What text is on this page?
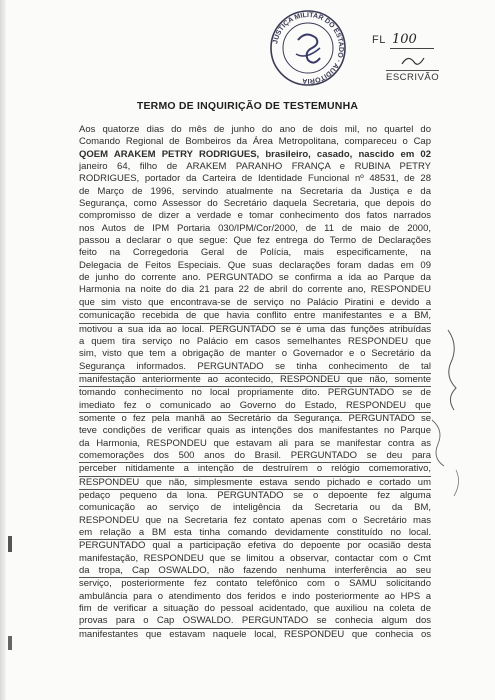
JUSTIÇA MILITAR DO ESTADO · AUDITORIA
FL 100
ESCRIVÃO
TERMO DE INQUIRIÇÃO DE TESTEMUNHA
Aos quatorze dias do mês de junho do ano de dois mil, no quartel do
Comando Regional de Bombeiros da Área Metropolitana, compareceu o Cap
QOEM ARAKEM PETRY RODRIGUES, brasileiro, casado, nascido em 02
janeiro 64, filho de ARAKEM PARANHO FRANÇA e RUBINA PETRY
RODRIGUES, portador da Carteira de Identidade Funcional nº 48531, de 28
de Março de 1996, servindo atualmente na Secretaria da Justiça e da
Segurança, como Assessor do Secretário daquela Secretaria, que depois do
compromisso de dizer a verdade e tomar conhecimento dos fatos narrados
nos Autos de IPM Portaria 030/IPM/Cor/2000, de 11 de maio de 2000,
passou a declarar o que segue: Que fez entrega do Termo de Declarações
feito na Corregedoria Geral de Polícia, mais especificamente, na
Delegacia de Feitos Especiais. Que suas declarações foram dadas em 09
de junho do corrente ano. PERGUNTADO se confirma a ida ao Parque da
Harmonia na noite do dia 21 para 22 de abril do corrente ano, RESPONDEU
que sim visto que encontrava-se de serviço no Palácio Piratini e devido a
comunicação recebida de que havia conflito entre manifestantes e a BM,
motivou a sua ida ao local. PERGUNTADO se é uma das funções atribuídas
a quem tira serviço no Palácio em casos semelhantes RESPONDEU que
sim, visto que tem a obrigação de manter o Governador e o Secretário da
Segurança informados. PERGUNTADO se tinha conhecimento de tal
manifestação anteriormente ao acontecido, RESPONDEU que não, somente
tomando conhecimento no local propriamente dito. PERGUNTADO se de
imediato fez o comunicado ao Governo do Estado, RESPONDEU que
somente o fez pela manhã ao Secretário da Segurança. PERGUNTADO se
teve condições de verificar quais as intenções dos manifestantes no Parque
da Harmonia, RESPONDEU que estavam ali para se manifestar contra as
comemorações dos 500 anos do Brasil. PERGUNTADO se deu para
perceber nitidamente a intenção de destruírem o relógio comemorativo,
RESPONDEU que não, simplesmente estava sendo pichado e cortado um
pedaço pequeno da lona. PERGUNTADO se o depoente fez alguma
comunicação ao serviço de inteligência da Secretaria ou da BM,
RESPONDEU que na Secretaria fez contato apenas com o Secretário mas
em relação a BM esta tinha comando devidamente constituído no local.
PERGUNTADO qual a participação efetiva do depoente por ocasião desta
manifestação, RESPONDEU que se limitou a observar, contactar com o Cmt
da tropa, Cap OSWALDO, não fazendo nenhuma interferência ao seu
serviço, posteriormente fez contato telefônico com o SAMU solicitando
ambulância para o atendimento dos feridos e indo posteriormente ao HPS a
fim de verificar a situação do pessoal acidentado, que auxiliou na coleta de
provas para o Cap OSWALDO. PERGUNTADO se conhecia algum dos
manifestantes que estavam naquele local, RESPONDEU que conhecia os
